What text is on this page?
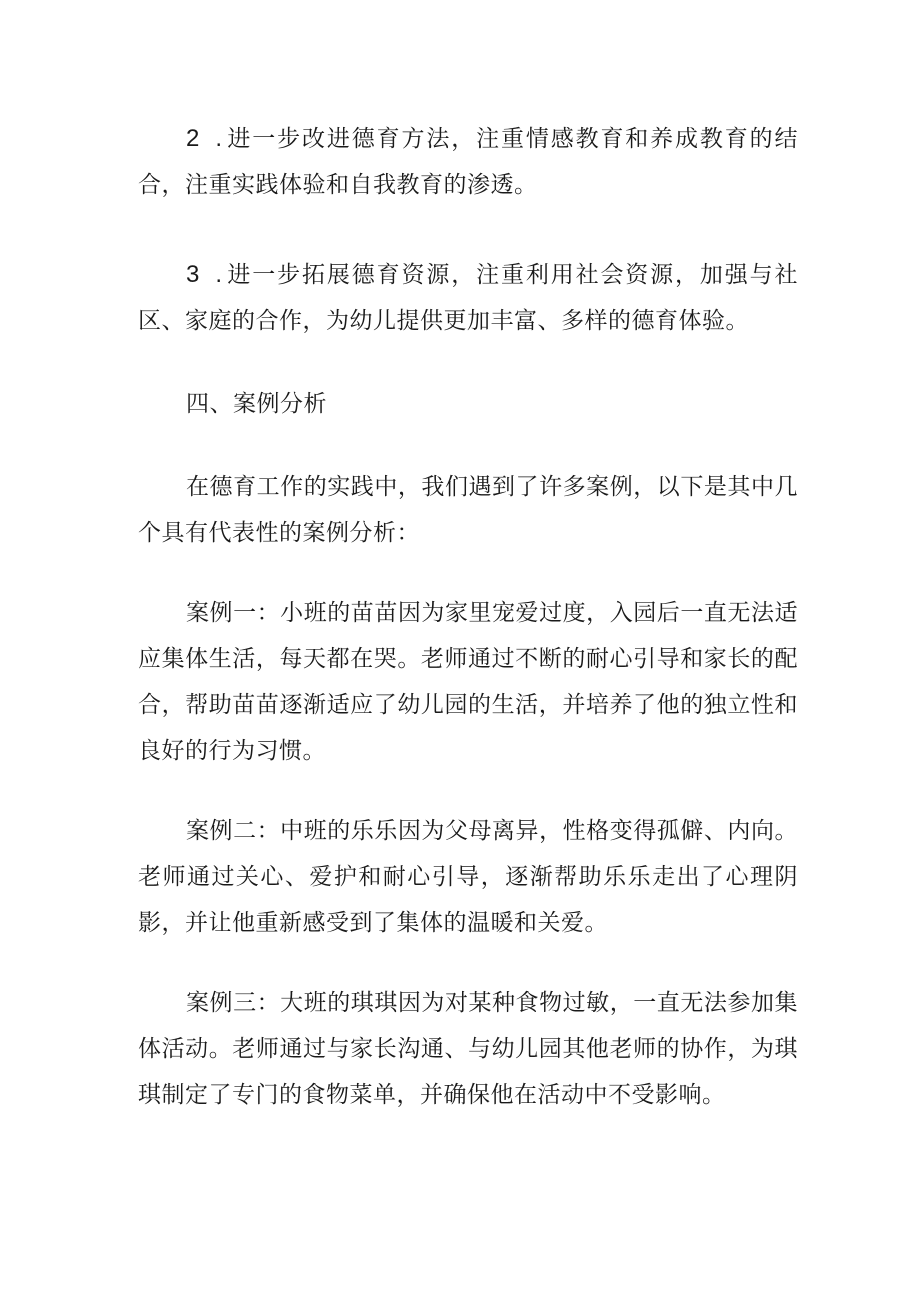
2 .进一步改进德育方法，注重情感教育和养成教育的结合，注重实践体验和自我教育的渗透。

3 .进一步拓展德育资源，注重利用社会资源，加强与社区、家庭的合作，为幼儿提供更加丰富、多样的德育体验。

四、案例分析

在德育工作的实践中，我们遇到了许多案例，以下是其中几个具有代表性的案例分析：

案例一：小班的苗苗因为家里宠爱过度，入园后一直无法适应集体生活，每天都在哭。老师通过不断的耐心引导和家长的配合，帮助苗苗逐渐适应了幼儿园的生活，并培养了他的独立性和良好的行为习惯。

案例二：中班的乐乐因为父母离异，性格变得孤僻、内向。老师通过关心、爱护和耐心引导，逐渐帮助乐乐走出了心理阴影，并让他重新感受到了集体的温暖和关爱。

案例三：大班的琪琪因为对某种食物过敏，一直无法参加集体活动。老师通过与家长沟通、与幼儿园其他老师的协作，为琪琪制定了专门的食物菜单，并确保他在活动中不受影响。
